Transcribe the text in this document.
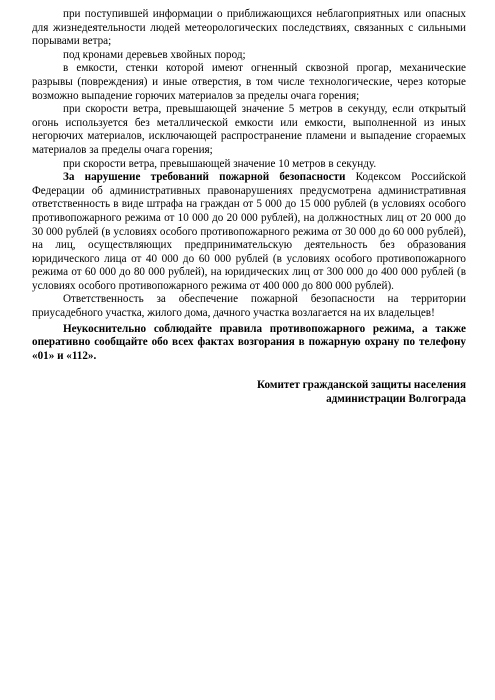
при поступившей информации о приближающихся неблагоприятных или опасных для жизнедеятельности людей метеорологических последствиях, связанных с сильными порывами ветра;

под кронами деревьев хвойных пород;

в емкости, стенки которой имеют огненный сквозной прогар, механические разрывы (повреждения) и иные отверстия, в том числе технологические, через которые возможно выпадение горючих материалов за пределы очага горения;

при скорости ветра, превышающей значение 5 метров в секунду, если открытый огонь используется без металлической емкости или емкости, выполненной из иных негорючих материалов, исключающей распространение пламени и выпадение сгораемых материалов за пределы очага горения;

при скорости ветра, превышающей значение 10 метров в секунду.

За нарушение требований пожарной безопасности Кодексом Российской Федерации об административных правонарушениях предусмотрена административная ответственность в виде штрафа на граждан от 5 000 до 15 000 рублей (в условиях особого противопожарного режима от 10 000 до 20 000 рублей), на должностных лиц от 20 000 до 30 000 рублей (в условиях особого противопожарного режима от 30 000 до 60 000 рублей), на лиц, осуществляющих предпринимательскую деятельность без образования юридического лица от 40 000 до 60 000 рублей (в условиях особого противопожарного режима от 60 000 до 80 000 рублей), на юридических лиц от 300 000 до 400 000 рублей (в условиях особого противопожарного режима от 400 000 до 800 000 рублей).

Ответственность за обеспечение пожарной безопасности на территории приусадебного участка, жилого дома, дачного участка возлагается на их владельцев!

Неукоснительно соблюдайте правила противопожарного режима, а также оперативно сообщайте обо всех фактах возгорания в пожарную охрану по телефону «01» и «112».

Комитет гражданской защиты населения
администрации Волгограда
